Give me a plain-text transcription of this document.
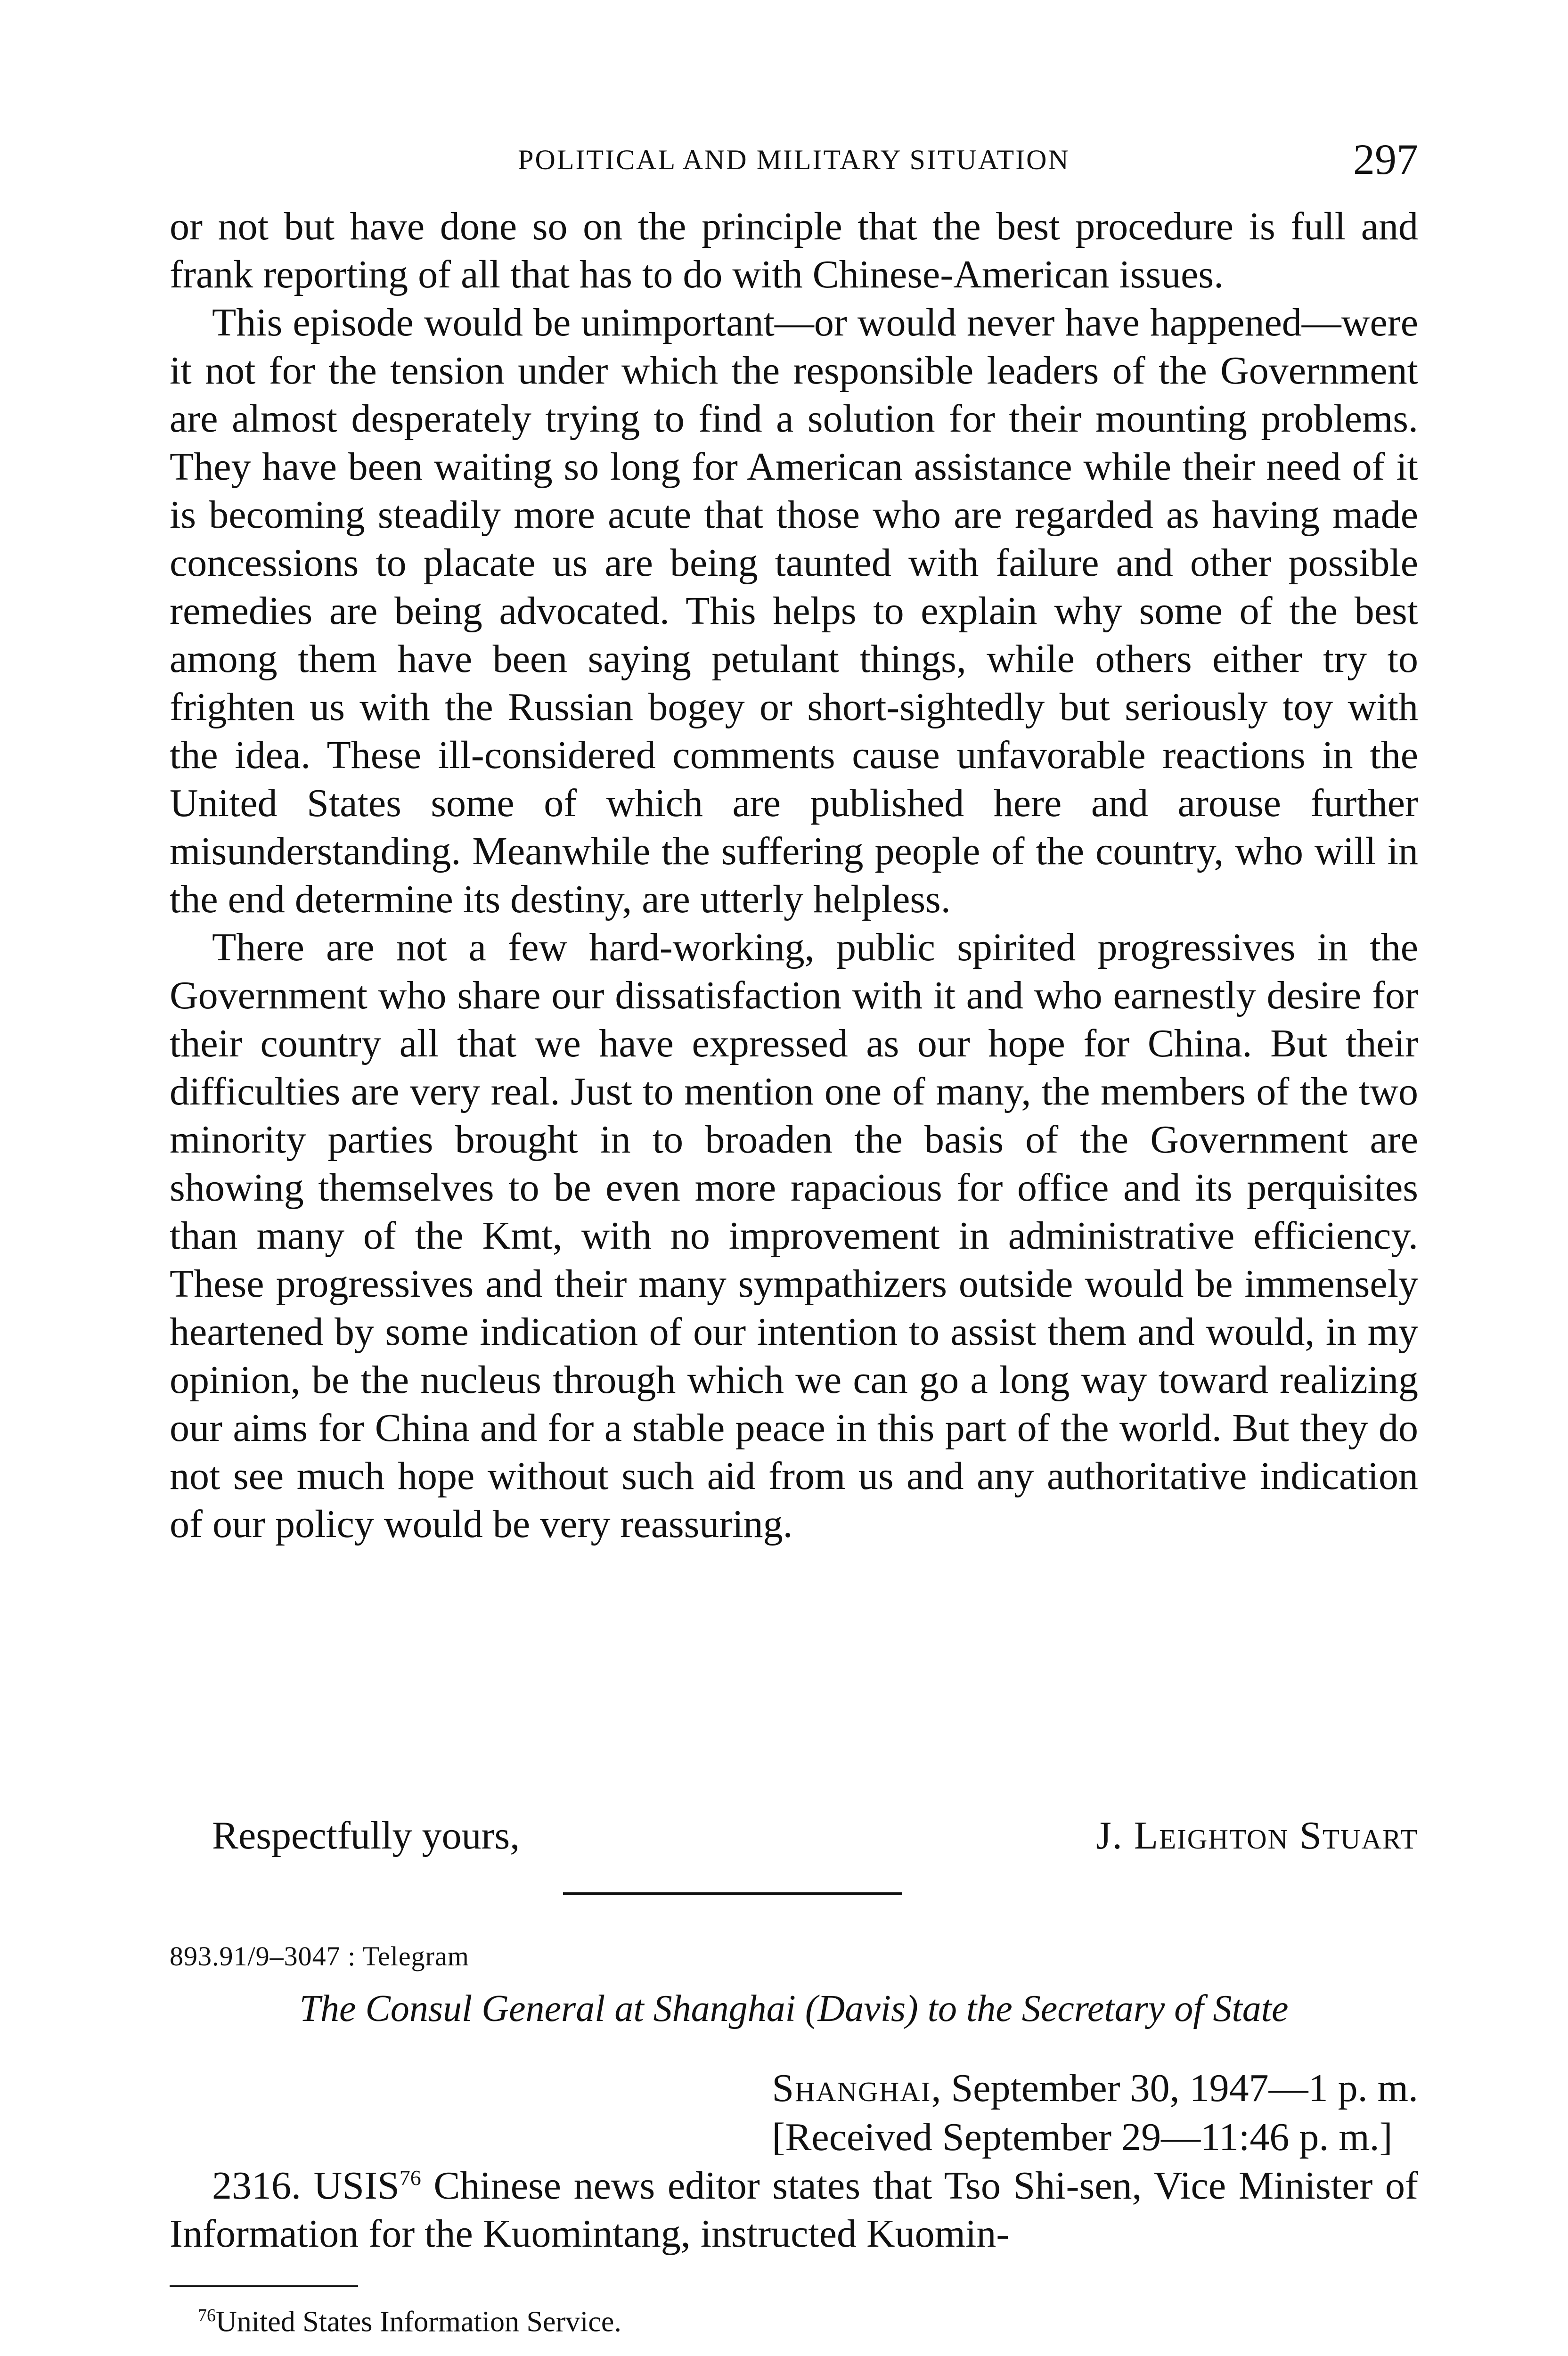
POLITICAL AND MILITARY SITUATION	297

or not but have done so on the principle that the best procedure is full and frank reporting of all that has to do with Chinese-American issues.

This episode would be unimportant—or would never have happened—were it not for the tension under which the responsible leaders of the Government are almost desperately trying to find a solution for their mounting problems. They have been waiting so long for American assistance while their need of it is becoming steadily more acute that those who are regarded as having made concessions to placate us are being taunted with failure and other possible remedies are being advocated. This helps to explain why some of the best among them have been saying petulant things, while others either try to frighten us with the Russian bogey or short-sightedly but seriously toy with the idea. These ill-considered comments cause unfavorable reactions in the United States some of which are published here and arouse further misunderstanding. Meanwhile the suffering people of the country, who will in the end determine its destiny, are utterly helpless.

There are not a few hard-working, public spirited progressives in the Government who share our dissatisfaction with it and who earnestly desire for their country all that we have expressed as our hope for China. But their difficulties are very real. Just to mention one of many, the members of the two minority parties brought in to broaden the basis of the Government are showing themselves to be even more rapacious for office and its perquisites than many of the Kmt, with no improvement in administrative efficiency. These progressives and their many sympathizers outside would be immensely heartened by some indication of our intention to assist them and would, in my opinion, be the nucleus through which we can go a long way toward realizing our aims for China and for a stable peace in this part of the world. But they do not see much hope without such aid from us and any authoritative indication of our policy would be very reassuring.

Respectfully yours,	J. Leighton Stuart
893.91/9–3047 : Telegram
The Consul General at Shanghai (Davis) to the Secretary of State
Shanghai, September 30, 1947—1 p. m.
[Received September 29—11:46 p. m.]

2316. USIS$^{76}$ Chinese news editor states that Tso Shi-sen, Vice Minister of Information for the Kuomintang, instructed Kuomin-

$^{76}$United States Information Service.
